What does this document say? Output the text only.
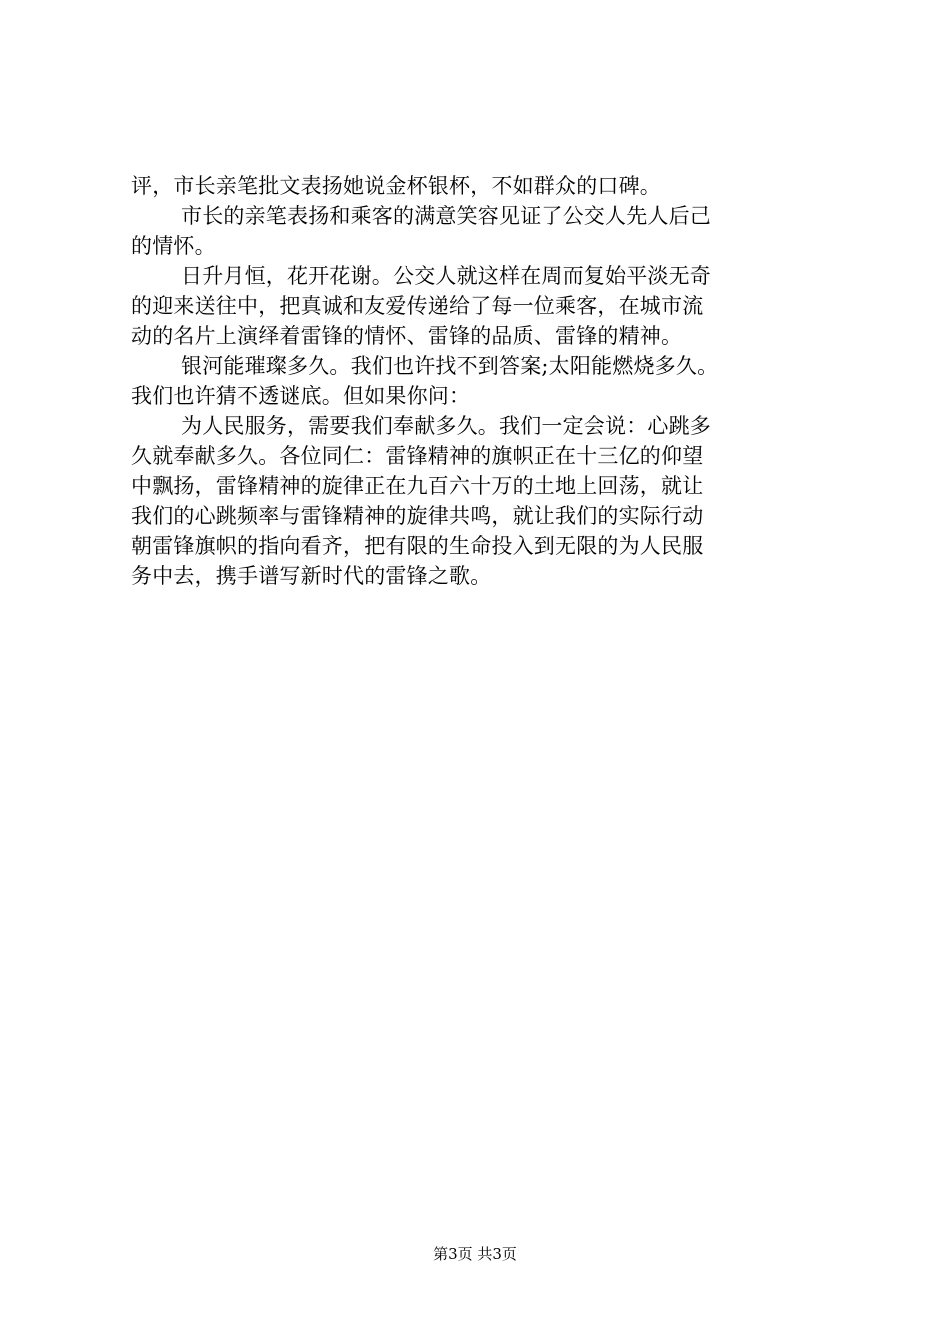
评，市长亲笔批文表扬她说金杯银杯，不如群众的口碑。
市长的亲笔表扬和乘客的满意笑容见证了公交人先人后己
的情怀。
日升月恒，花开花谢。公交人就这样在周而复始平淡无奇
的迎来送往中，把真诚和友爱传递给了每一位乘客，在城市流
动的名片上演绎着雷锋的情怀、雷锋的品质、雷锋的精神。
银河能璀璨多久。我们也许找不到答案;太阳能燃烧多久。
我们也许猜不透谜底。但如果你问：
为人民服务，需要我们奉献多久。我们一定会说：心跳多
久就奉献多久。各位同仁：雷锋精神的旗帜正在十三亿的仰望
中飘扬，雷锋精神的旋律正在九百六十万的土地上回荡，就让
我们的心跳频率与雷锋精神的旋律共鸣，就让我们的实际行动
朝雷锋旗帜的指向看齐，把有限的生命投入到无限的为人民服
务中去，携手谱写新时代的雷锋之歌。
第3页 共3页
